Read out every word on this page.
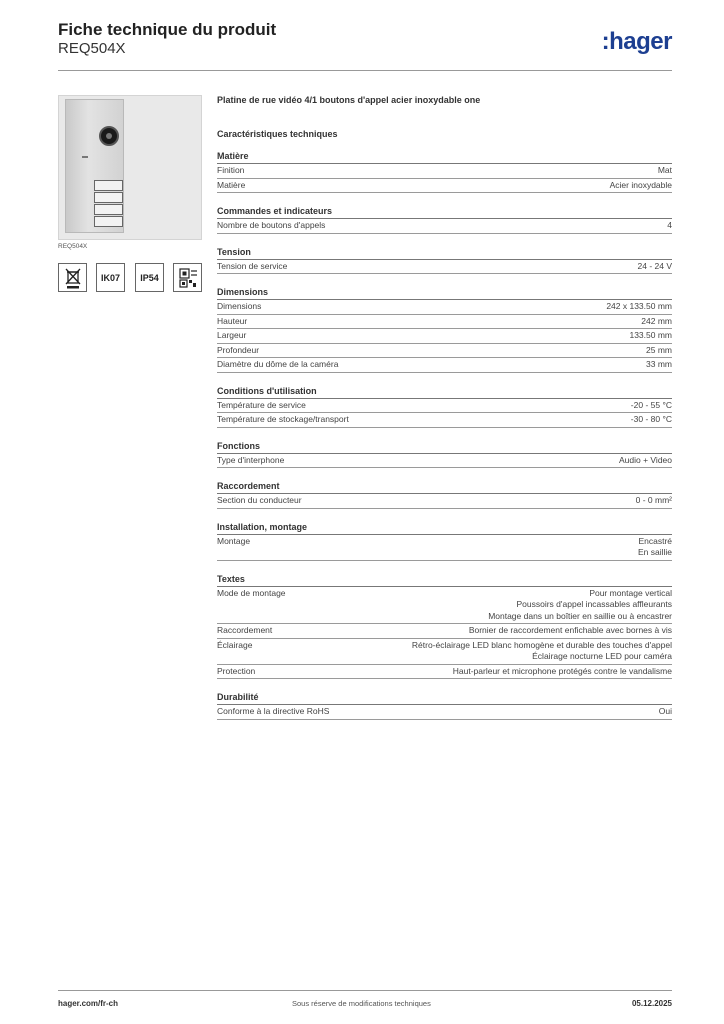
Fiche technique du produit
REQ504X	:hager
REQ504X
IK07	IP54
Platine de rue vidéo 4/1 boutons d'appel acier inoxydable one
Caractéristiques techniques
Matière
Finition	Mat
Matière	Acier inoxydable
Commandes et indicateurs
Nombre de boutons d'appels	4
Tension
Tension de service	24 - 24 V
Dimensions
Dimensions	242 x 133.50 mm
Hauteur	242 mm
Largeur	133.50 mm
Profondeur	25 mm
Diamètre du dôme de la caméra	33 mm
Conditions d'utilisation
Température de service	-20 - 55 °C
Température de stockage/transport	-30 - 80 °C
Fonctions
Type d'interphone	Audio + Video
Raccordement
Section du conducteur	0 - 0 mm²
Installation, montage
Montage	Encastré
En saillie
Textes
Mode de montage	Pour montage vertical
Poussoirs d'appel incassables affleurants
Montage dans un boîtier en saillie ou à encastrer
Raccordement	Bornier de raccordement enfichable avec bornes à vis
Éclairage	Rétro-éclairage LED blanc homogène et durable des touches d'appel
Éclairage nocturne LED pour caméra
Protection	Haut-parleur et microphone protégés contre le vandalisme
Durabilité
Conforme à la directive RoHS	Oui
hager.com/fr-ch	Sous réserve de modifications techniques	05.12.2025
